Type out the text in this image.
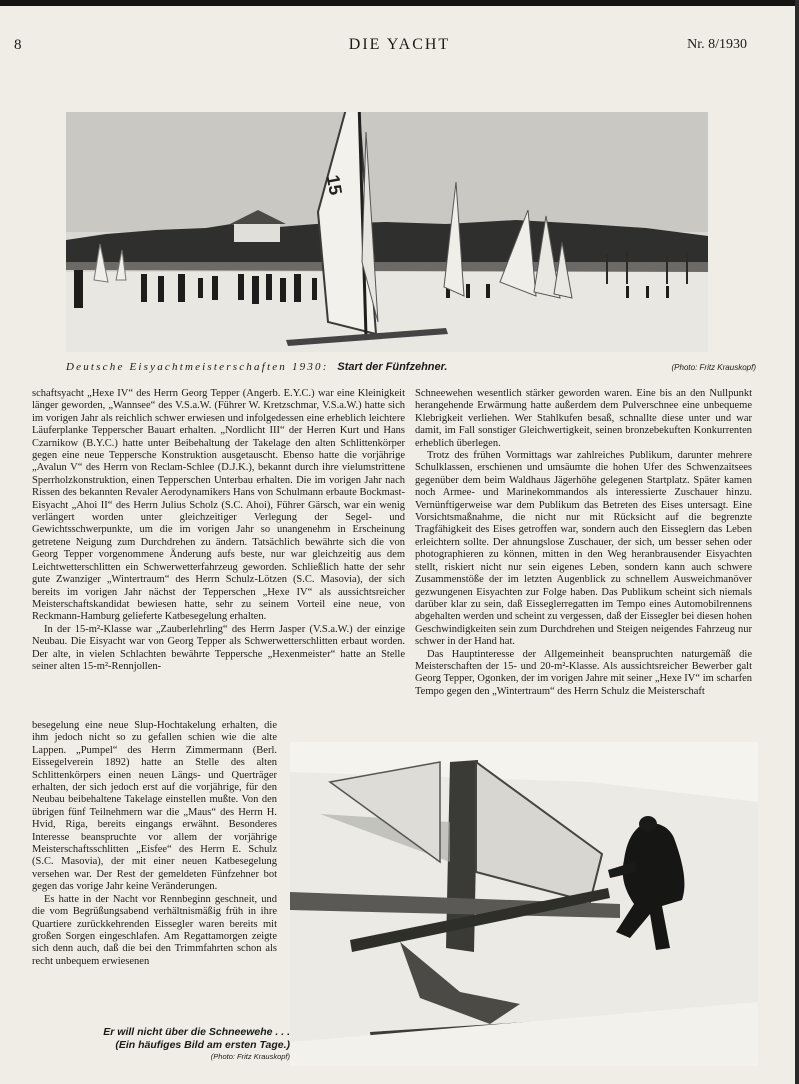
8	DIE YACHT	Nr. 8/1930
15
Deutsche Eisyachtmeisterschaften 1930: Start der Fünfzehner.	(Photo: Fritz Krauskopf)

schaftsyacht „Hexe IV“ des Herrn Georg Tepper (Angerb. E.Y.C.) war eine Kleinigkeit länger geworden, „Wannsee“ des V.S.a.W. (Führer W. Kretzschmar, V.S.a.W.) hatte sich im vorigen Jahr als reichlich schwer erwiesen und infolgedessen eine erheblich leichtere Läuferplanke Tepperscher Bauart erhalten. „Nordlicht III“ der Herren Kurt und Hans Czarnikow (B.Y.C.) hatte unter Beibehaltung der Takelage den alten Schlittenkörper gegen eine neue Teppersche Konstruktion ausgetauscht. Ebenso hatte die vorjährige „Avalun V“ des Herrn von Reclam-Schlee (D.J.K.), bekannt durch ihre vielumstrittene Sperrholzkonstruktion, einen Tepperschen Unterbau erhalten. Die im vorigen Jahr nach Rissen des bekannten Revaler Aerodynamikers Hans von Schulmann erbaute Bockmast-Eisyacht „Ahoi II“ des Herrn Julius Scholz (S.C. Ahoi), Führer Gärsch, war ein wenig verlängert worden unter gleichzeitiger Verlegung der Segel- und Gewichtsschwerpunkte, um die im vorigen Jahr so unangenehm in Erscheinung getretene Neigung zum Durchdrehen zu ändern. Tatsächlich bewährte sich die von Georg Tepper vorgenommene Änderung aufs beste, nur war gleichzeitig aus dem Leichtwetterschlitten ein Schwerwetterfahrzeug geworden. Schließlich hatte der sehr gute Zwanziger „Wintertraum“ des Herrn Schulz-Lötzen (S.C. Masovia), der sich bereits im vorigen Jahr nächst der Tepperschen „Hexe IV“ als aussichtsreicher Meisterschaftskandidat bewiesen hatte, sehr zu seinem Vorteil eine neue, von Reckmann-Hamburg gelieferte Katbesegelung erhalten.

In der 15-m²-Klasse war „Zauberlehrling“ des Herrn Jasper (V.S.a.W.) der einzige Neubau. Die Eisyacht war von Georg Tepper als Schwerwetterschlitten erbaut worden. Der alte, in vielen Schlachten bewährte Teppersche „Hexenmeister“ hatte an Stelle seiner alten 15-m²-Rennjollen-

besegelung eine neue Slup-Hochtakelung erhalten, die ihm jedoch nicht so zu gefallen schien wie die alte Lappen. „Pumpel“ des Herrn Zimmermann (Berl. Eissegelverein 1892) hatte an Stelle des alten Schlittenkörpers einen neuen Längs- und Querträger erhalten, der sich jedoch erst auf die vorjährige, für den Neubau beibehaltene Takelage einstellen mußte. Von den übrigen fünf Teilnehmern war die „Maus“ des Herrn H. Hvid, Riga, bereits eingangs erwähnt. Besonderes Interesse beanspruchte vor allem der vorjährige Meisterschaftsschlitten „Eisfee“ des Herrn E. Schulz (S.C. Masovia), der mit einer neuen Katbesegelung versehen war. Der Rest der gemeldeten Fünfzehner bot gegen das vorige Jahr keine Veränderungen.

Es hatte in der Nacht vor Rennbeginn geschneit, und die vom Begrüßungsabend verhältnismäßig früh in ihre Quartiere zurückkehrenden Eissegler waren bereits mit großen Sorgen eingeschlafen. Am Regattamorgen zeigte sich denn auch, daß die bei den Trimmfahrten schon als recht unbequem erwiesenen

Schneewehen wesentlich stärker geworden waren. Eine bis an den Nullpunkt herangehende Erwärmung hatte außerdem dem Pulverschnee eine unbequeme Klebrigkeit verliehen. Wer Stahlkufen besaß, schnallte diese unter und war damit, im Fall sonstiger Gleichwertigkeit, seinen bronzebekuften Konkurrenten erheblich überlegen.

Trotz des frühen Vormittags war zahlreiches Publikum, darunter mehrere Schulklassen, erschienen und umsäumte die hohen Ufer des Schwenzaitsees gegenüber dem beim Waldhaus Jägerhöhe gelegenen Startplatz. Später kamen noch Armee- und Marinekommandos als interessierte Zuschauer hinzu. Vernünftigerweise war dem Publikum das Betreten des Eises untersagt. Eine Vorsichtsmaßnahme, die nicht nur mit Rücksicht auf die begrenzte Tragfähigkeit des Eises getroffen war, sondern auch den Eisseglern das Leben erleichtern sollte. Der ahnungslose Zuschauer, der sich, um besser sehen oder photographieren zu können, mitten in den Weg heranbrausender Eisyachten stellt, riskiert nicht nur sein eigenes Leben, sondern kann auch schwere Zusammenstöße der im letzten Augenblick zu schnellem Ausweichmanöver gezwungenen Eisyachten zur Folge haben. Das Publikum scheint sich niemals darüber klar zu sein, daß Eisseglerregatten im Tempo eines Automobilrennens abgehalten werden und scheint zu vergessen, daß der Eissegler bei diesen hohen Geschwindigkeiten sein zum Durchdrehen und Steigen neigendes Fahrzeug nur schwer in der Hand hat.

Das Hauptinteresse der Allgemeinheit beanspruchten naturgemäß die Meisterschaften der 15- und 20-m²-Klasse. Als aussichtsreicher Bewerber galt Georg Tepper, Ogonken, der im vorigen Jahre mit seiner „Hexe IV“ im scharfen Tempo gegen den „Wintertraum“ des Herrn Schulz die Meisterschaft

Er will nicht über die Schneewehe . . .
(Ein häufiges Bild am ersten Tage.)
(Photo: Fritz Krauskopf)
